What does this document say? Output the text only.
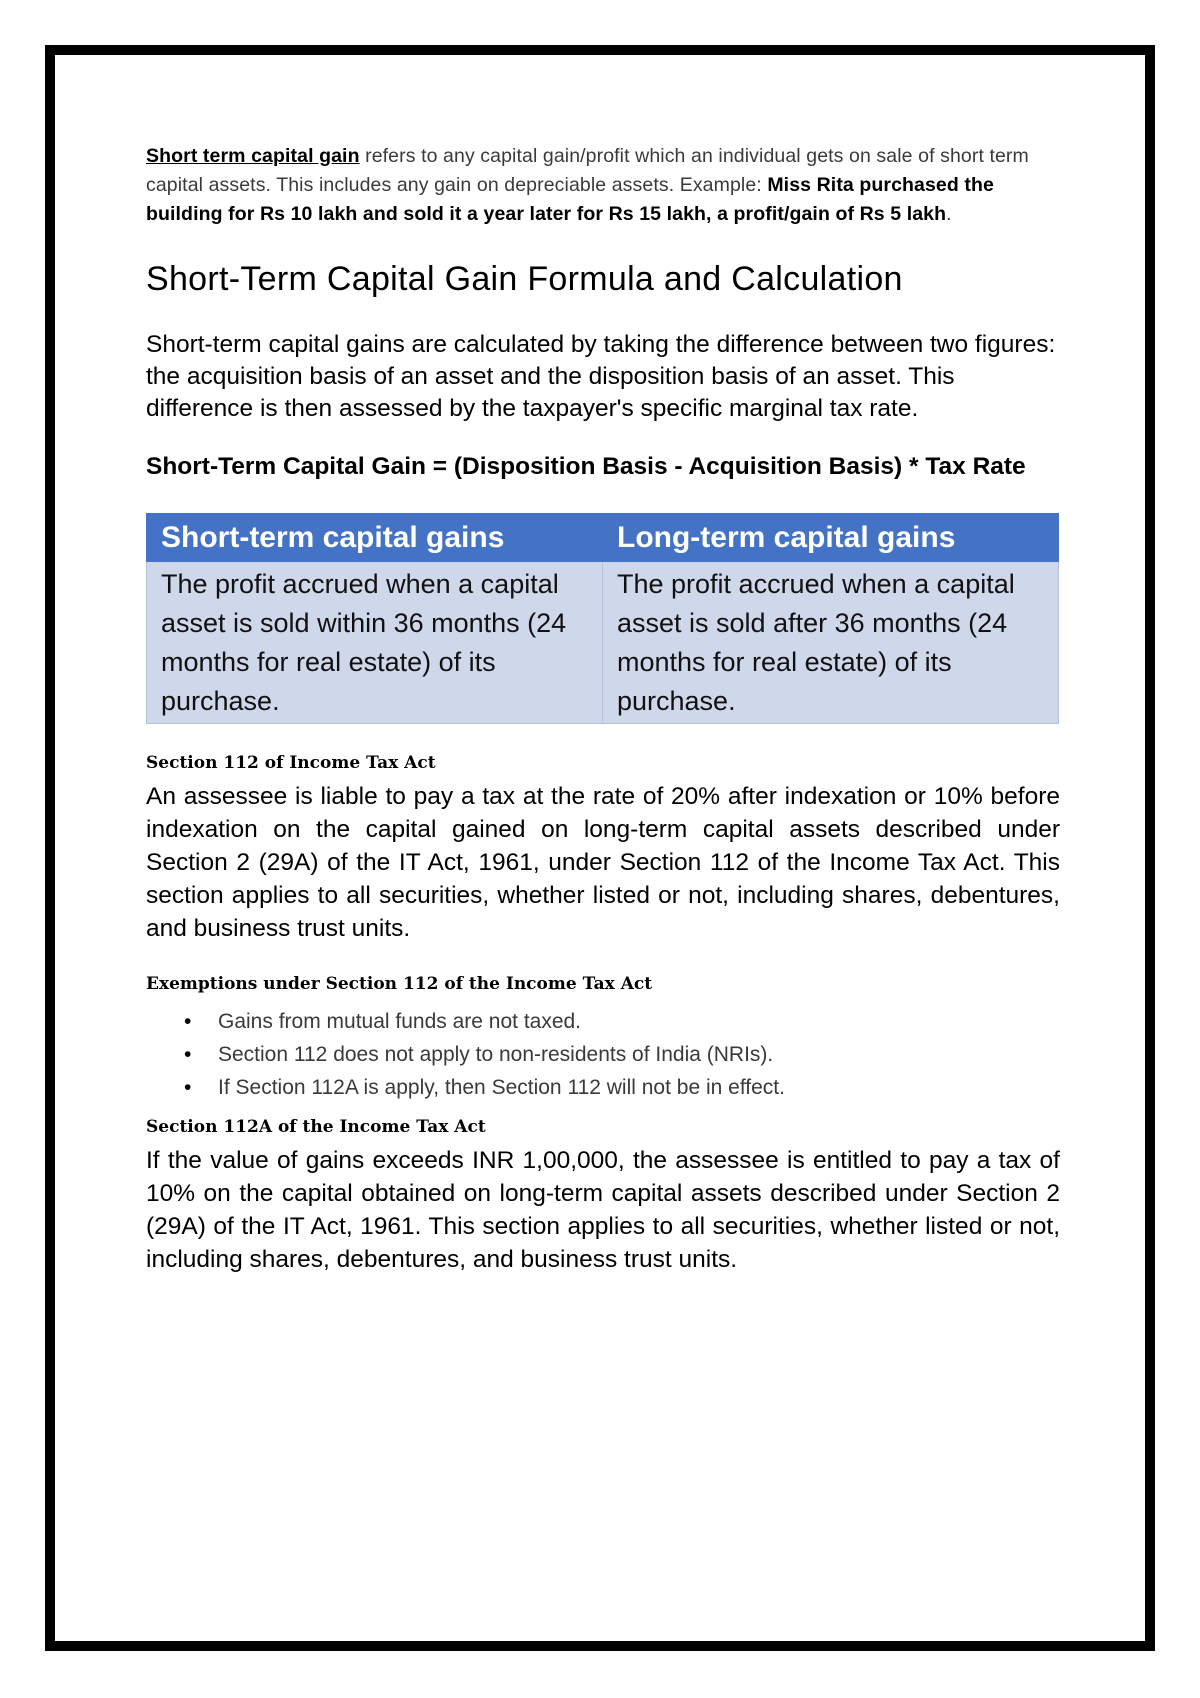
Short term capital gain refers to any capital gain/profit which an individual gets on sale of short term capital assets. This includes any gain on depreciable assets. Example: Miss Rita purchased the building for Rs 10 lakh and sold it a year later for Rs 15 lakh, a profit/gain of Rs 5 lakh.

Short-Term Capital Gain Formula and Calculation

Short-term capital gains are calculated by taking the difference between two figures: the acquisition basis of an asset and the disposition basis of an asset. This difference is then assessed by the taxpayer's specific marginal tax rate.

Short-Term Capital Gain = (Disposition Basis - Acquisition Basis) * Tax Rate

Short-term capital gains	Long-term capital gains
The profit accrued when a capital asset is sold within 36 months (24 months for real estate) of its purchase.	The profit accrued when a capital asset is sold after 36 months (24 months for real estate) of its purchase.

Section 112 of Income Tax Act

An assessee is liable to pay a tax at the rate of 20% after indexation or 10% before indexation on the capital gained on long-term capital assets described under Section 2 (29A) of the IT Act, 1961, under Section 112 of the Income Tax Act. This section applies to all securities, whether listed or not, including shares, debentures, and business trust units.

Exemptions under Section 112 of the Income Tax Act

• Gains from mutual funds are not taxed.
• Section 112 does not apply to non-residents of India (NRIs).
• If Section 112A is apply, then Section 112 will not be in effect.

Section 112A of the Income Tax Act

If the value of gains exceeds INR 1,00,000, the assessee is entitled to pay a tax of 10% on the capital obtained on long-term capital assets described under Section 2 (29A) of the IT Act, 1961. This section applies to all securities, whether listed or not, including shares, debentures, and business trust units.
